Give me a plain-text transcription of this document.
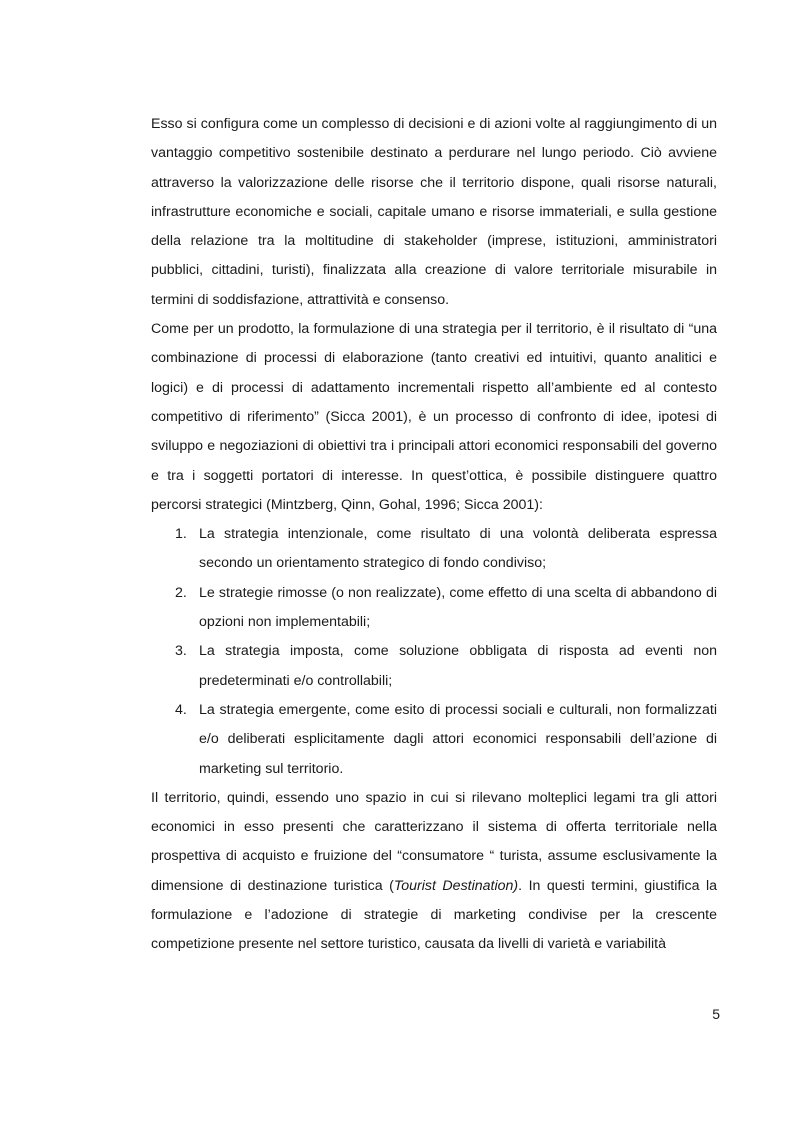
Esso si configura come un complesso di decisioni e di azioni volte al raggiungimento di un vantaggio competitivo sostenibile destinato a perdurare nel lungo periodo. Ciò avviene attraverso la valorizzazione delle risorse che il territorio dispone, quali risorse naturali, infrastrutture economiche e sociali, capitale umano e risorse immateriali, e sulla gestione della relazione tra la moltitudine di stakeholder (imprese, istituzioni, amministratori pubblici, cittadini, turisti), finalizzata alla creazione di valore territoriale misurabile in termini di soddisfazione, attrattività e consenso.

Come per un prodotto, la formulazione di una strategia per il territorio, è il risultato di “una combinazione di processi di elaborazione (tanto creativi ed intuitivi, quanto analitici e logici) e di processi di adattamento incrementali rispetto all’ambiente ed al contesto competitivo di riferimento” (Sicca 2001), è un processo di confronto di idee, ipotesi di sviluppo e negoziazioni di obiettivi tra i principali attori economici responsabili del governo e tra i soggetti portatori di interesse. In quest’ottica, è possibile distinguere quattro percorsi strategici (Mintzberg, Qinn, Gohal, 1996; Sicca 2001):

1. La strategia intenzionale, come risultato di una volontà deliberata espressa secondo un orientamento strategico di fondo condiviso;
2. Le strategie rimosse (o non realizzate), come effetto di una scelta di abbandono di opzioni non implementabili;
3. La strategia imposta, come soluzione obbligata di risposta ad eventi non predeterminati e/o controllabili;
4. La strategia emergente, come esito di processi sociali e culturali, non formalizzati e/o deliberati esplicitamente dagli attori economici responsabili dell’azione di marketing sul territorio.

Il territorio, quindi, essendo uno spazio in cui si rilevano molteplici legami tra gli attori economici in esso presenti che caratterizzano il sistema di offerta territoriale nella prospettiva di acquisto e fruizione del “consumatore “ turista, assume esclusivamente la dimensione di destinazione turistica (Tourist Destination). In questi termini, giustifica la formulazione e l’adozione di strategie di marketing condivise per la crescente competizione presente nel settore turistico, causata da livelli di varietà e variabilità

5
